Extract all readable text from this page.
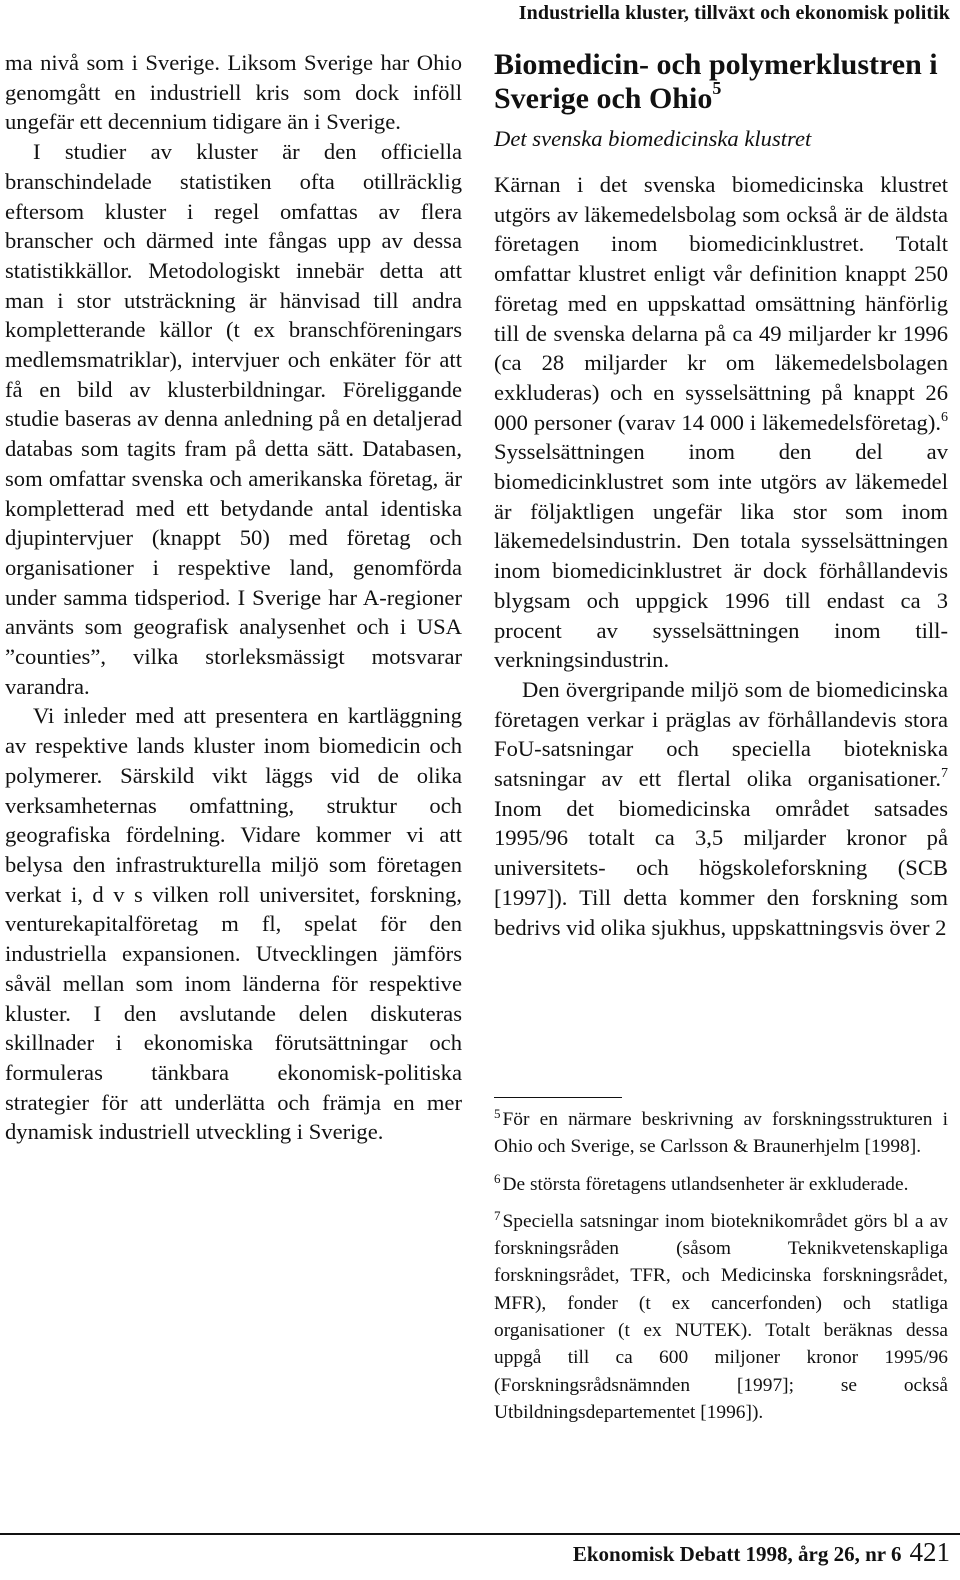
Industriella kluster, tillväxt och ekonomisk politik

ma nivå som i Sverige. Liksom Sverige har Ohio genomgått en industriell kris som dock inföll ungefär ett decennium tidigare än i Sverige.

I studier av kluster är den officiella branschindelade statistiken ofta otillräcklig eftersom kluster i regel omfattas av flera branscher och därmed inte fångas upp av dessa statistikkällor. Metodologiskt innebär detta att man i stor utsträckning är hänvisad till andra kompletterande källor (t ex branschföreningars medlemsmatriklar), intervjuer och enkäter för att få en bild av klusterbildningar. Föreliggande studie baseras av denna anledning på en detaljerad databas som tagits fram på detta sätt. Databasen, som omfattar svenska och amerikanska företag, är kompletterad med ett betydande antal identiska djupintervjuer (knappt 50) med företag och organisationer i respektive land, genomförda under samma tidsperiod. I Sverige har A-regioner använts som geografisk analysenhet och i USA ”counties”, vilka storleksmässigt motsvarar varandra.

Vi inleder med att presentera en kartläggning av respektive lands kluster inom biomedicin och polymerer. Särskild vikt läggs vid de olika verksamheternas omfattning, struktur och geografiska fördelning. Vidare kommer vi att belysa den infrastrukturella miljö som företagen verkat i, d v s vilken roll universitet, forskning, venturekapitalföretag m fl, spelat för den industriella expansionen. Utvecklingen jämförs såväl mellan som inom länderna för respektive kluster. I den avslutande delen diskuteras skillnader i ekonomiska förutsättningar och formuleras tänkbara ekonomisk-politiska strategier för att underlätta och främja en mer dynamisk industriell utveckling i Sverige.

Biomedicin- och polymerklustren i Sverige och Ohio$^5$
Det svenska biomedicinska klustret

Kärnan i det svenska biomedicinska klustret utgörs av läkemedelsbolag som också är de äldsta företagen inom biomedicinklustret. Totalt omfattar klustret enligt vår definition knappt 250 företag med en uppskattad omsättning hänförlig till de svenska delarna på ca 49 miljarder kr 1996 (ca 28 miljarder kr om läkemedelsbolagen exkluderas) och en sysselsättning på knappt 26 000 personer (varav 14 000 i läkemedelsföretag).$^6$ Sysselsättningen inom den del av biomedicinklustret som inte utgörs av läkemedel är följaktligen ungefär lika stor som inom läkemedelsindustrin. Den totala sysselsättningen inom biomedicinklustret är dock förhållandevis blygsam och uppgick 1996 till endast ca 3 procent av sysselsättningen inom tillverkningsindustrin.

Den övergripande miljö som de biomedicinska företagen verkar i präglas av förhållandevis stora FoU-satsningar och speciella biotekniska satsningar av ett flertal olika organisationer.$^7$ Inom det biomedicinska området satsades 1995/96 totalt ca 3,5 miljarder kronor på universitets- och högskoleforskning (SCB [1997]). Till detta kommer den forskning som bedrivs vid olika sjukhus, uppskattningsvis över 2

$^5$ För en närmare beskrivning av forskningsstrukturen i Ohio och Sverige, se Carlsson & Braunerhjelm [1998].

$^6$ De största företagens utlandsenheter är exkluderade.

$^7$ Speciella satsningar inom bioteknikområdet görs bl a av forskningsråden (såsom Teknikvetenskapliga forskningsrådet, TFR, och Medicinska forskningsrådet, MFR), fonder (t ex cancerfonden) och statliga organisationer (t ex NUTEK). Totalt beräknas dessa uppgå till ca 600 miljoner kronor 1995/96 (Forskningsrådsnämnden [1997]; se också Utbildningsdepartementet [1996]).

Ekonomisk Debatt 1998, årg 26, nr 6 421
